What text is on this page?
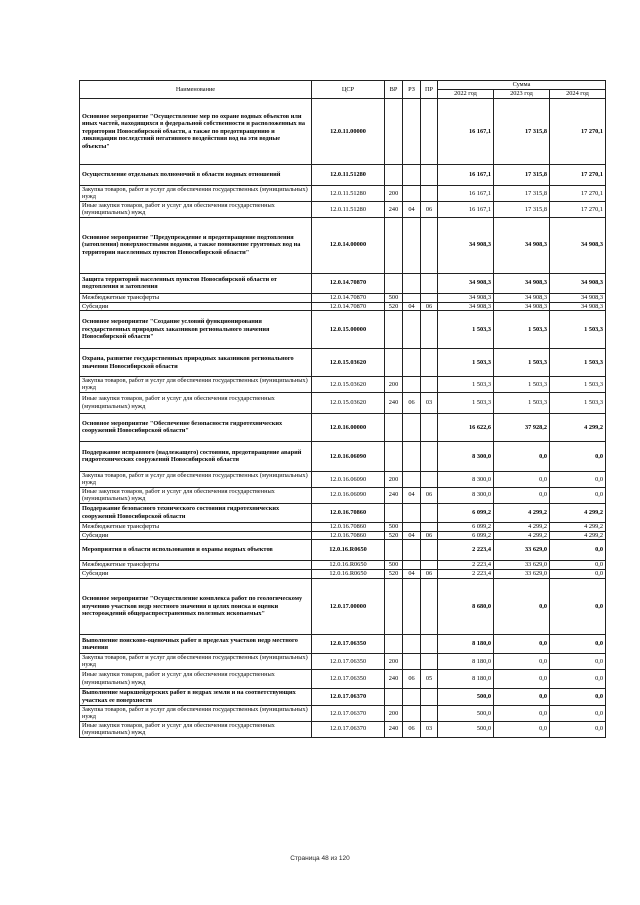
Наименование	ЦСР	ВР	РЗ	ПР	Сумма		
					2022 год	2023 год	2024 год
Основное мероприятие "Осуществление мер по охране водных объектов или иных частей, находящихся в федеральной собственности и расположенных на территории Новосибирской области, а также по предотвращению и ликвидации последствий негативного воздействия вод на эти водные объекты"	12.0.11.00000				16 167,1	17 315,8	17 270,1
Осуществление отдельных полномочий в области водных отношений	12.0.11.51280				16 167,1	17 315,8	17 270,1
Закупка товаров, работ и услуг для обеспечения государственных (муниципальных) нужд	12.0.11.51280	200			16 167,1	17 315,8	17 270,1
Иные закупки товаров, работ и услуг для обеспечения государственных (муниципальных) нужд	12.0.11.51280	240	04	06	16 167,1	17 315,8	17 270,1
Основное мероприятие "Предупреждение и предотвращение подтопления (затопления) поверхностными водами, а также понижение грунтовых вод на территории населенных пунктов Новосибирской области"	12.0.14.00000				34 908,3	34 908,3	34 908,3
Защита территорий населенных пунктов Новосибирской области от подтопления и затопления	12.0.14.70870				34 908,3	34 908,3	34 908,3
Межбюджетные трансферты	12.0.14.70870	500			34 908,3	34 908,3	34 908,3
Субсидии	12.0.14.70870	520	04	06	34 908,3	34 908,3	34 908,3
Основное мероприятие "Создание условий функционирования государственных природных заказников регионального значения Новосибирской области"	12.0.15.00000				1 503,3	1 503,3	1 503,3
Охрана, развитие государственных природных заказников регионального значения Новосибирской области	12.0.15.03620				1 503,3	1 503,3	1 503,3
Закупка товаров, работ и услуг для обеспечения государственных (муниципальных) нужд	12.0.15.03620	200			1 503,3	1 503,3	1 503,3
Иные закупки товаров, работ и услуг для обеспечения государственных (муниципальных) нужд	12.0.15.03620	240	06	03	1 503,3	1 503,3	1 503,3
Основное мероприятие "Обеспечение безопасности гидротехнических сооружений Новосибирской области"	12.0.16.00000				16 622,6	37 928,2	4 299,2
Поддержание исправного (надлежащего) состояния, предотвращение аварий гидротехнических сооружений Новосибирской области	12.0.16.06090				8 300,0	0,0	0,0
Закупка товаров, работ и услуг для обеспечения государственных (муниципальных) нужд	12.0.16.06090	200			8 300,0	0,0	0,0
Иные закупки товаров, работ и услуг для обеспечения государственных (муниципальных) нужд	12.0.16.06090	240	04	06	8 300,0	0,0	0,0
Поддержание безопасного технического состояния гидротехнических сооружений Новосибирской области	12.0.16.70860				6 099,2	4 299,2	4 299,2
Межбюджетные трансферты	12.0.16.70860	500			6 099,2	4 299,2	4 299,2
Субсидии	12.0.16.70860	520	04	06	6 099,2	4 299,2	4 299,2
Мероприятия в области использования и охраны водных объектов	12.0.16.R0650				2 223,4	33 629,0	0,0
Межбюджетные трансферты	12.0.16.R0650	500			2 223,4	33 629,0	0,0
Субсидии	12.0.16.R0650	520	04	06	2 223,4	33 629,0	0,0
Основное мероприятие "Осуществление комплекса работ по геологическому изучению участков недр местного значения в целях поиска и оценки месторождений общераспространенных полезных ископаемых"	12.0.17.00000				8 680,0	0,0	0,0
Выполнение поисково-оценочных работ в пределах участков недр местного значения	12.0.17.06350				8 180,0	0,0	0,0
Закупка товаров, работ и услуг для обеспечения государственных (муниципальных) нужд	12.0.17.06350	200			8 180,0	0,0	0,0
Иные закупки товаров, работ и услуг для обеспечения государственных (муниципальных) нужд	12.0.17.06350	240	06	05	8 180,0	0,0	0,0
Выполнение маркшейдерских работ в недрах земли и на соответствующих участках ее поверхности	12.0.17.06370				500,0	0,0	0,0
Закупка товаров, работ и услуг для обеспечения государственных (муниципальных) нужд	12.0.17.06370	200			500,0	0,0	0,0
Иные закупки товаров, работ и услуг для обеспечения государственных (муниципальных) нужд	12.0.17.06370	240	06	03	500,0	0,0	0,0
Страница 48 из 120
